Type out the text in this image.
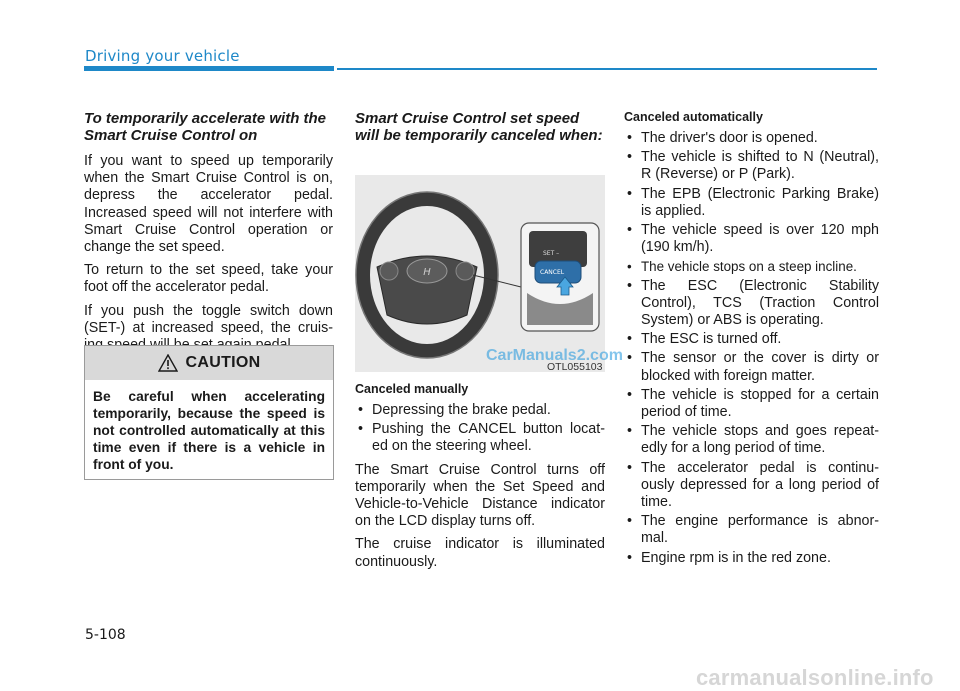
Driving your vehicle
To temporarily accelerate with the Smart Cruise Control on

If you want to speed up temporarily when the Smart Cruise Control is on, depress the accelerator pedal. Increased speed will not interfere with Smart Cruise Control operation or change the set speed.

To return to the set speed, take your foot off the accelerator pedal.

If you push the toggle switch down (SET-) at increased speed, the cruis-

CAUTION
Be careful when accelerating temporarily, because the speed is not controlled automatically at this time even if there is a vehicle in front of you.
Smart Cruise Control set speed will be temporarily canceled when:
H
SET –
CANCEL
CarManuals2.com
OTL055103
Canceled manually
• Depressing the brake pedal.
• Pushing the CANCEL button locat-ed on the steering wheel.

The Smart Cruise Control turns off temporarily when the Set Speed and Vehicle-to-Vehicle Distance indicator on the LCD display turns off.

The cruise indicator is illuminated continuously.

Canceled automatically
• The driver's door is opened.
• The vehicle is shifted to N (Neutral), R (Reverse) or P (Park).
• The EPB (Electronic Parking Brake) is applied.
• The vehicle speed is over 120 mph (190 km/h).
• The vehicle stops on a steep incline.
• The ESC (Electronic Stability Control), TCS (Traction Control System) or ABS is operating.
• The ESC is turned off.
• The sensor or the cover is dirty or blocked with foreign matter.
• The vehicle is stopped for a certain period of time.
• The vehicle stops and goes repeat-edly for a long period of time.
• The accelerator pedal is continu-ously depressed for a long period of time.
• The engine performance is abnor-mal.
• Engine rpm is in the red zone.
5-108
carmanualsonline.info
